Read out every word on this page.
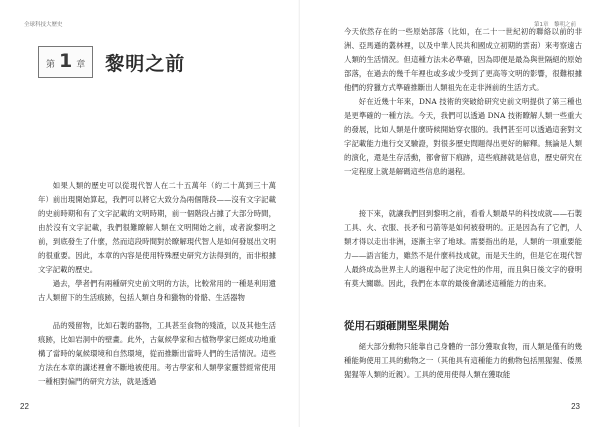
全球科技大歷史
第 1 章 黎明之前

如果人類的歷史可以從現代智人在二十五萬年（約二十萬到三十萬年）前出現開始算起，我們可以將它大致分為兩個階段——沒有文字記載的史前時期和有了文字記載的文明時期，前一個階段占據了大部分時間，由於沒有文字記載，我們很難瞭解人類在文明開始之前，或者說黎明之前，到底發生了什麼，然而這段時間對於瞭解現代智人是如何發展出文明的很重要。因此，本章的內容是使用特殊歷史研究方法得到的，而非根據文字記載的歷史。

過去，學者們有兩種研究史前文明的方法，比較常用的一種是利用遺古人類留下的生活痕跡，包括人類自身和獵物的骨骼、生活器物

品的殘留物，比如石製的器物，工具甚至食物的殘渣，以及其他生活痕跡，比如岩洞中的壁畫。此外，古氣候學家和古植物學家已經成功地重構了當時的氣候環境和自然環境，從而推斷出當時人們的生活情況。這些方法在本章的講述裡會不斷地被使用。考古學家和人類學家靈替經常使用一種相對偏門的研究方法，就是透過

22
第1章　黎明之前

今天依然存在的一些原始部落（比如，在二十一世紀初的聯絡以前的非洲、亞馬遜的叢林裡，以及中華人民共和國成立初期的雲南）來考察遠古人類的生活情況。但這種方法未必準確，因為即便是最為與世隔絕的原始部落，在過去的幾千年裡也或多或少受到了更高等文明的影響，很難根據他們的狩獵方式準確推斷出人類祖先在走非洲前的生活方式。

好在近幾十年來，DNA 技術的突破給研究史前文明提供了第三種也是更準確的一種方法。今天，我們可以透過 DNA 技術瞭解人類一些重大的發展，比如人類是什麼時候開始穿衣服的。我們甚至可以透過這套對文字記載能力進行交叉驗證，對很多歷史問題得出更好的解釋。無論是人類的演化，還是生存活動，都會留下痕跡，這些痕跡就是信息，歷史研究在一定程度上就是解碼這些信息的過程。

接下來，就讓我們回到黎明之前，看看人類最早的科技成就——石製工具、火、衣服、長矛和弓箭等是如何被發明的。正是因為有了它們，人類才得以走出非洲，逐漸主宰了地球。需要指出的是，人類的一項重要能力——語言能力，雖然不是什麼科技成就，而是天生的，但是它在現代智人最終成為世界主人的過程中起了決定性的作用，而且與日後文字的發明有莫大關聯。因此，我們在本章的最後會講述這種能力的由來。

從用石頭砸開堅果開始
絕大部分動物只能靠自己身體的一部分獲取食物，而人類是僅有的幾種能夠使用工具的動物之一（其他具有這種能力的動物包括黑猩猩、倭黑猩猩等人類的近親）。工具的使用使得人類在獲取能
23
